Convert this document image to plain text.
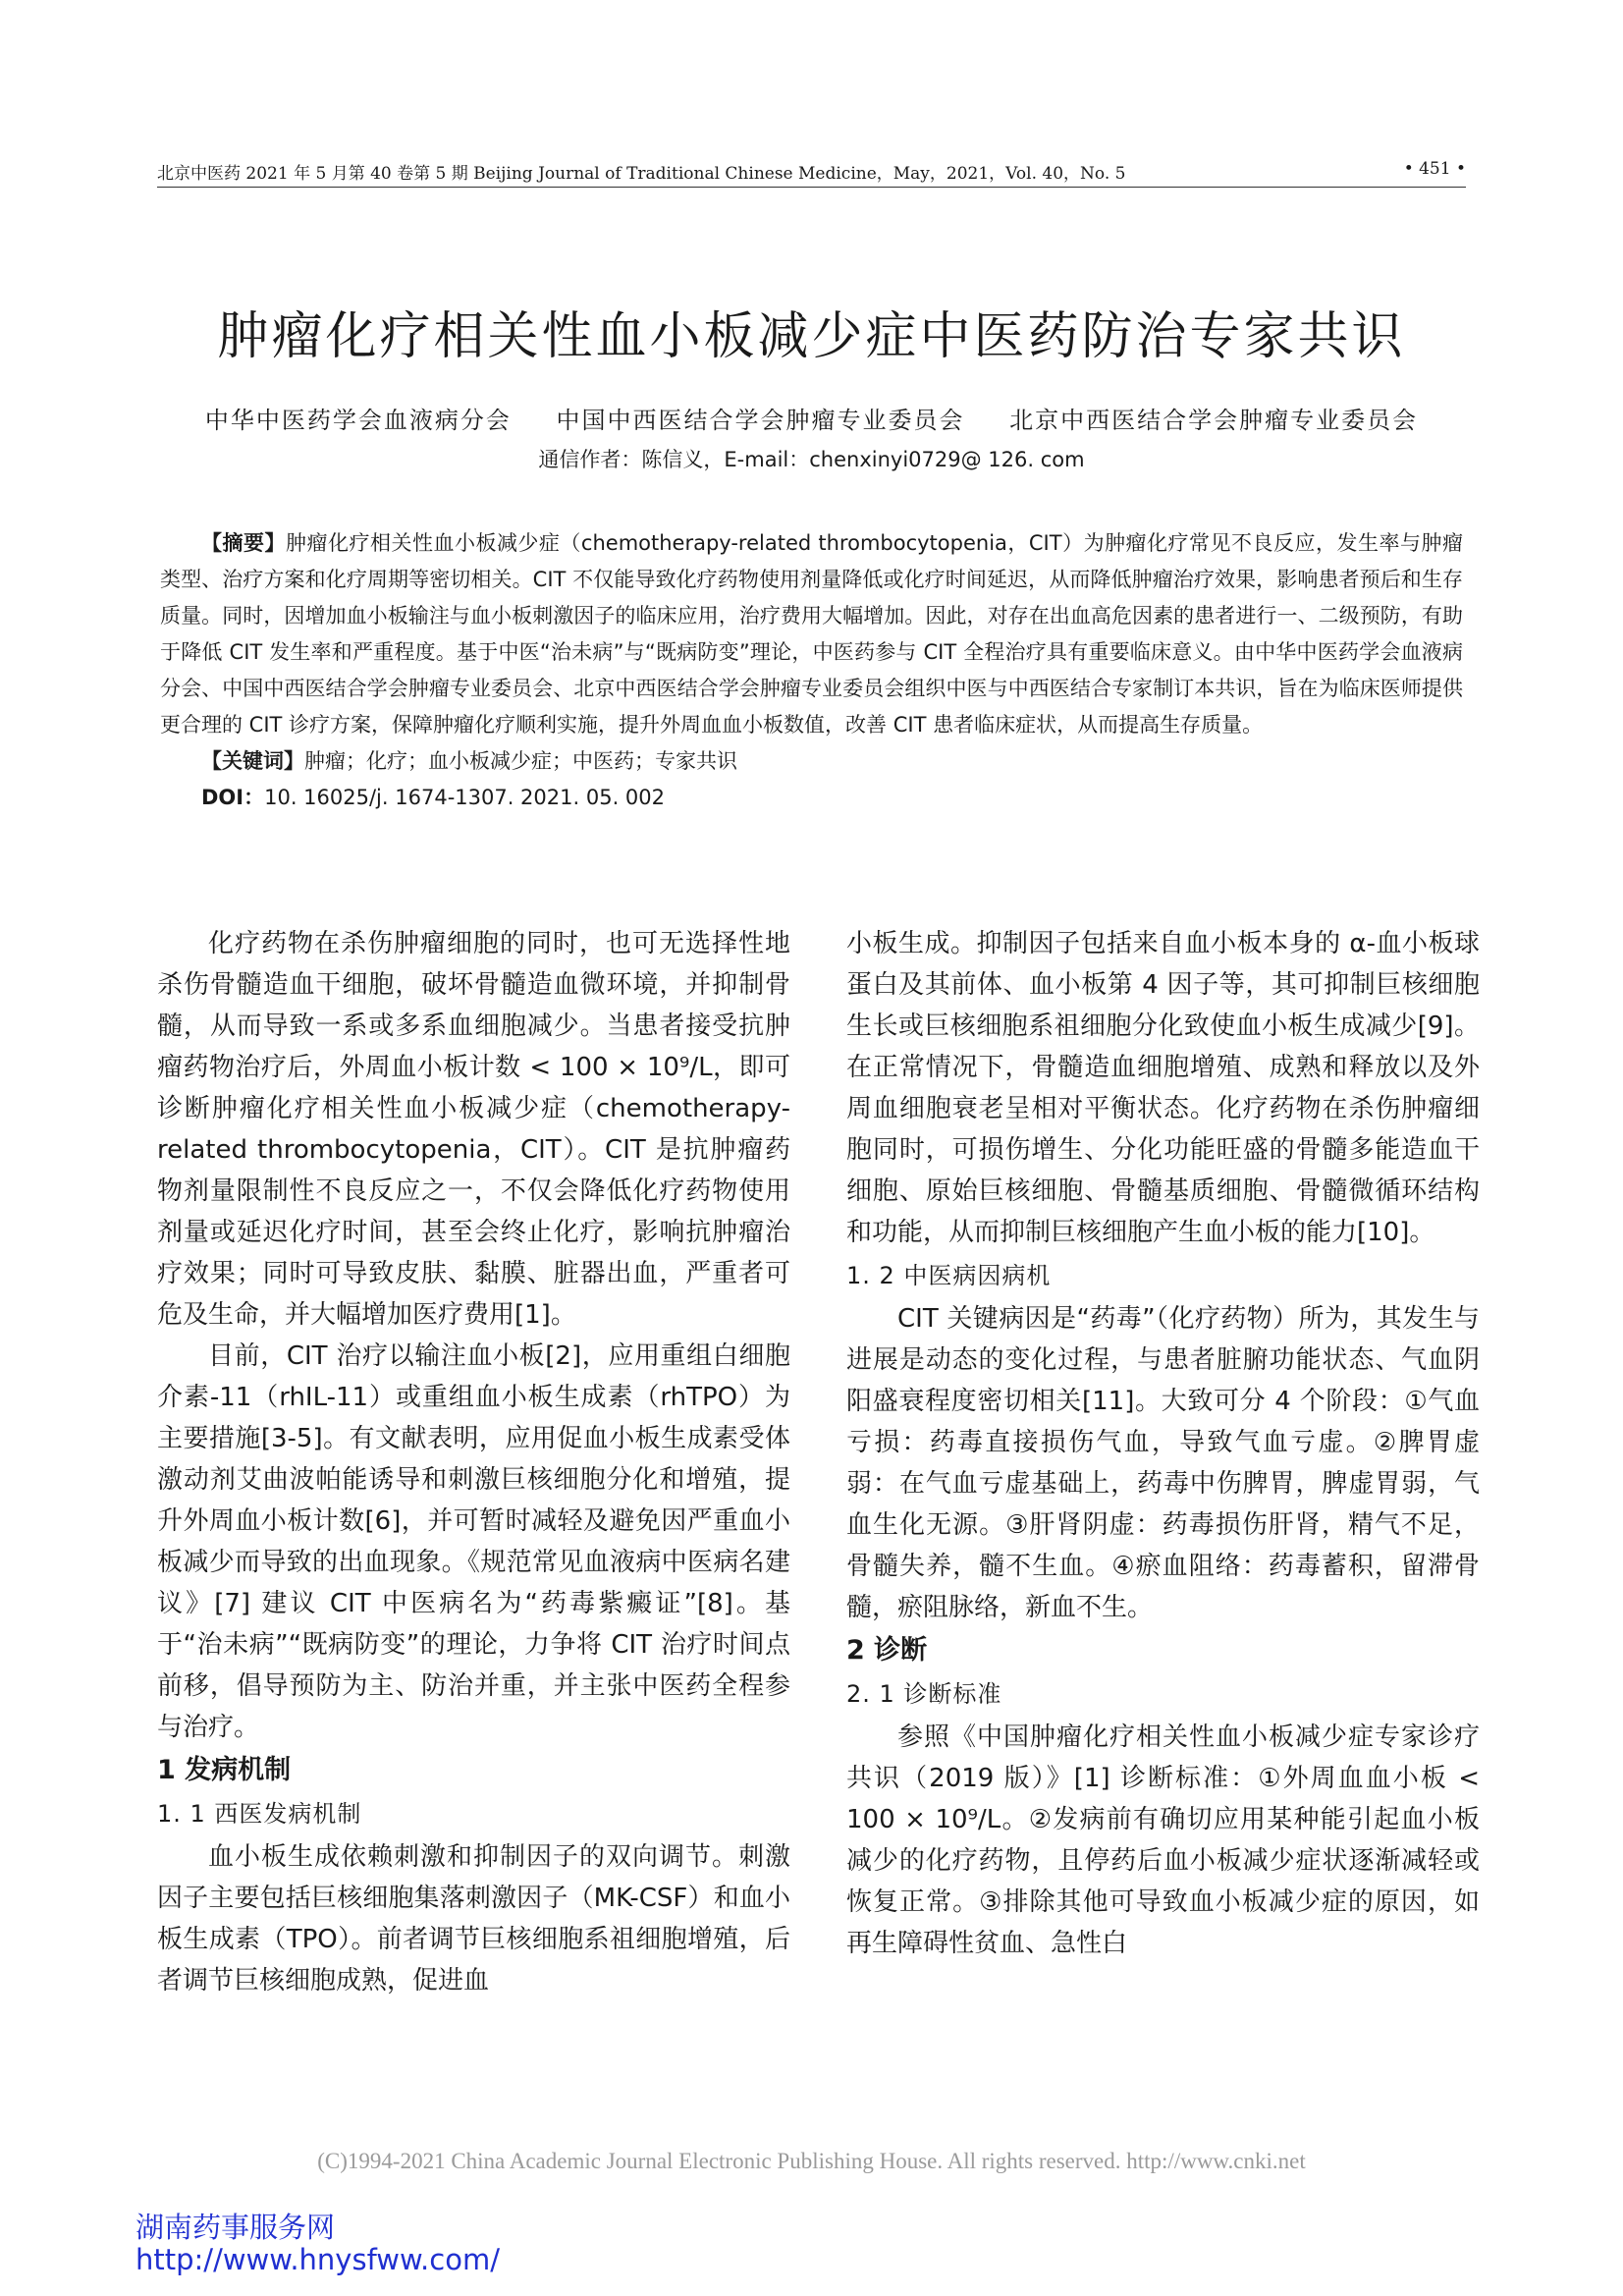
北京中医药 2021 年 5 月第 40 卷第 5 期 Beijing Journal of Traditional Chinese Medicine，May，2021，Vol. 40，No. 5	• 451 •
肿瘤化疗相关性血小板减少症中医药防治专家共识
中华中医药学会血液病分会 中国中西医结合学会肿瘤专业委员会 北京中西医结合学会肿瘤专业委员会
通信作者：陈信义，E-mail：chenxinyi0729@ 126. com

【摘要】肿瘤化疗相关性血小板减少症（chemotherapy-related thrombocytopenia，CIT）为肿瘤化疗常见不良反应，发生率与肿瘤类型、治疗方案和化疗周期等密切相关。CIT 不仅能导致化疗药物使用剂量降低或化疗时间延迟，从而降低肿瘤治疗效果，影响患者预后和生存质量。同时，因增加血小板输注与血小板刺激因子的临床应用，治疗费用大幅增加。因此，对存在出血高危因素的患者进行一、二级预防，有助于降低 CIT 发生率和严重程度。基于中医“治未病”与“既病防变”理论，中医药参与 CIT 全程治疗具有重要临床意义。由中华中医药学会血液病分会、中国中西医结合学会肿瘤专业委员会、北京中西医结合学会肿瘤专业委员会组织中医与中西医结合专家制订本共识，旨在为临床医师提供更合理的 CIT 诊疗方案，保障肿瘤化疗顺利实施，提升外周血血小板数值，改善 CIT 患者临床症状，从而提高生存质量。

【关键词】肿瘤；化疗；血小板减少症；中医药；专家共识

DOI：10. 16025/j. 1674-1307. 2021. 05. 002

化疗药物在杀伤肿瘤细胞的同时，也可无选择性地杀伤骨髓造血干细胞，破坏骨髓造血微环境，并抑制骨髓，从而导致一系或多系血细胞减少。当患者接受抗肿瘤药物治疗后，外周血小板计数 < 100 × 10⁹/L，即可诊断肿瘤化疗相关性血小板减少症（chemotherapy-related thrombocytopenia，CIT）。CIT 是抗肿瘤药物剂量限制性不良反应之一，不仅会降低化疗药物使用剂量或延迟化疗时间，甚至会终止化疗，影响抗肿瘤治疗效果；同时可导致皮肤、黏膜、脏器出血，严重者可危及生命，并大幅增加医疗费用[1]。

目前，CIT 治疗以输注血小板[2]，应用重组白细胞介素-11（rhIL-11）或重组血小板生成素（rhTPO）为主要措施[3-5]。有文献表明，应用促血小板生成素受体激动剂艾曲波帕能诱导和刺激巨核细胞分化和增殖，提升外周血小板计数[6]，并可暂时减轻及避免因严重血小板减少而导致的出血现象。《规范常见血液病中医病名建议》[7] 建议 CIT 中医病名为“药毒紫癜证”[8]。基于“治未病”“既病防变”的理论，力争将 CIT 治疗时间点前移，倡导预防为主、防治并重，并主张中医药全程参与治疗。

1 发病机制

1. 1 西医发病机制

血小板生成依赖刺激和抑制因子的双向调节。刺激因子主要包括巨核细胞集落刺激因子（MK-CSF）和血小板生成素（TPO）。前者调节巨核细胞系祖细胞增殖，后者调节巨核细胞成熟，促进血

小板生成。抑制因子包括来自血小板本身的 α-血小板球蛋白及其前体、血小板第 4 因子等，其可抑制巨核细胞生长或巨核细胞系祖细胞分化致使血小板生成减少[9]。在正常情况下，骨髓造血细胞增殖、成熟和释放以及外周血细胞衰老呈相对平衡状态。化疗药物在杀伤肿瘤细胞同时，可损伤增生、分化功能旺盛的骨髓多能造血干细胞、原始巨核细胞、骨髓基质细胞、骨髓微循环结构和功能，从而抑制巨核细胞产生血小板的能力[10]。

1. 2 中医病因病机

CIT 关键病因是“药毒”（化疗药物）所为，其发生与进展是动态的变化过程，与患者脏腑功能状态、气血阴阳盛衰程度密切相关[11]。大致可分 4 个阶段：①气血亏损：药毒直接损伤气血，导致气血亏虚。②脾胃虚弱：在气血亏虚基础上，药毒中伤脾胃，脾虚胃弱，气血生化无源。③肝肾阴虚：药毒损伤肝肾，精气不足，骨髓失养，髓不生血。④瘀血阻络：药毒蓄积，留滞骨髓，瘀阻脉络，新血不生。

2 诊断

2. 1 诊断标准

参照《中国肿瘤化疗相关性血小板减少症专家诊疗共识（2019 版）》[1] 诊断标准：①外周血血小板 < 100 × 10⁹/L。②发病前有确切应用某种能引起血小板减少的化疗药物，且停药后血小板减少症状逐渐减轻或恢复正常。③排除其他可导致血小板减少症的原因，如再生障碍性贫血、急性白

(C)1994-2021 China Academic Journal Electronic Publishing House. All rights reserved. http://www.cnki.net
湖南药事服务网
http://www.hnysfww.com/
